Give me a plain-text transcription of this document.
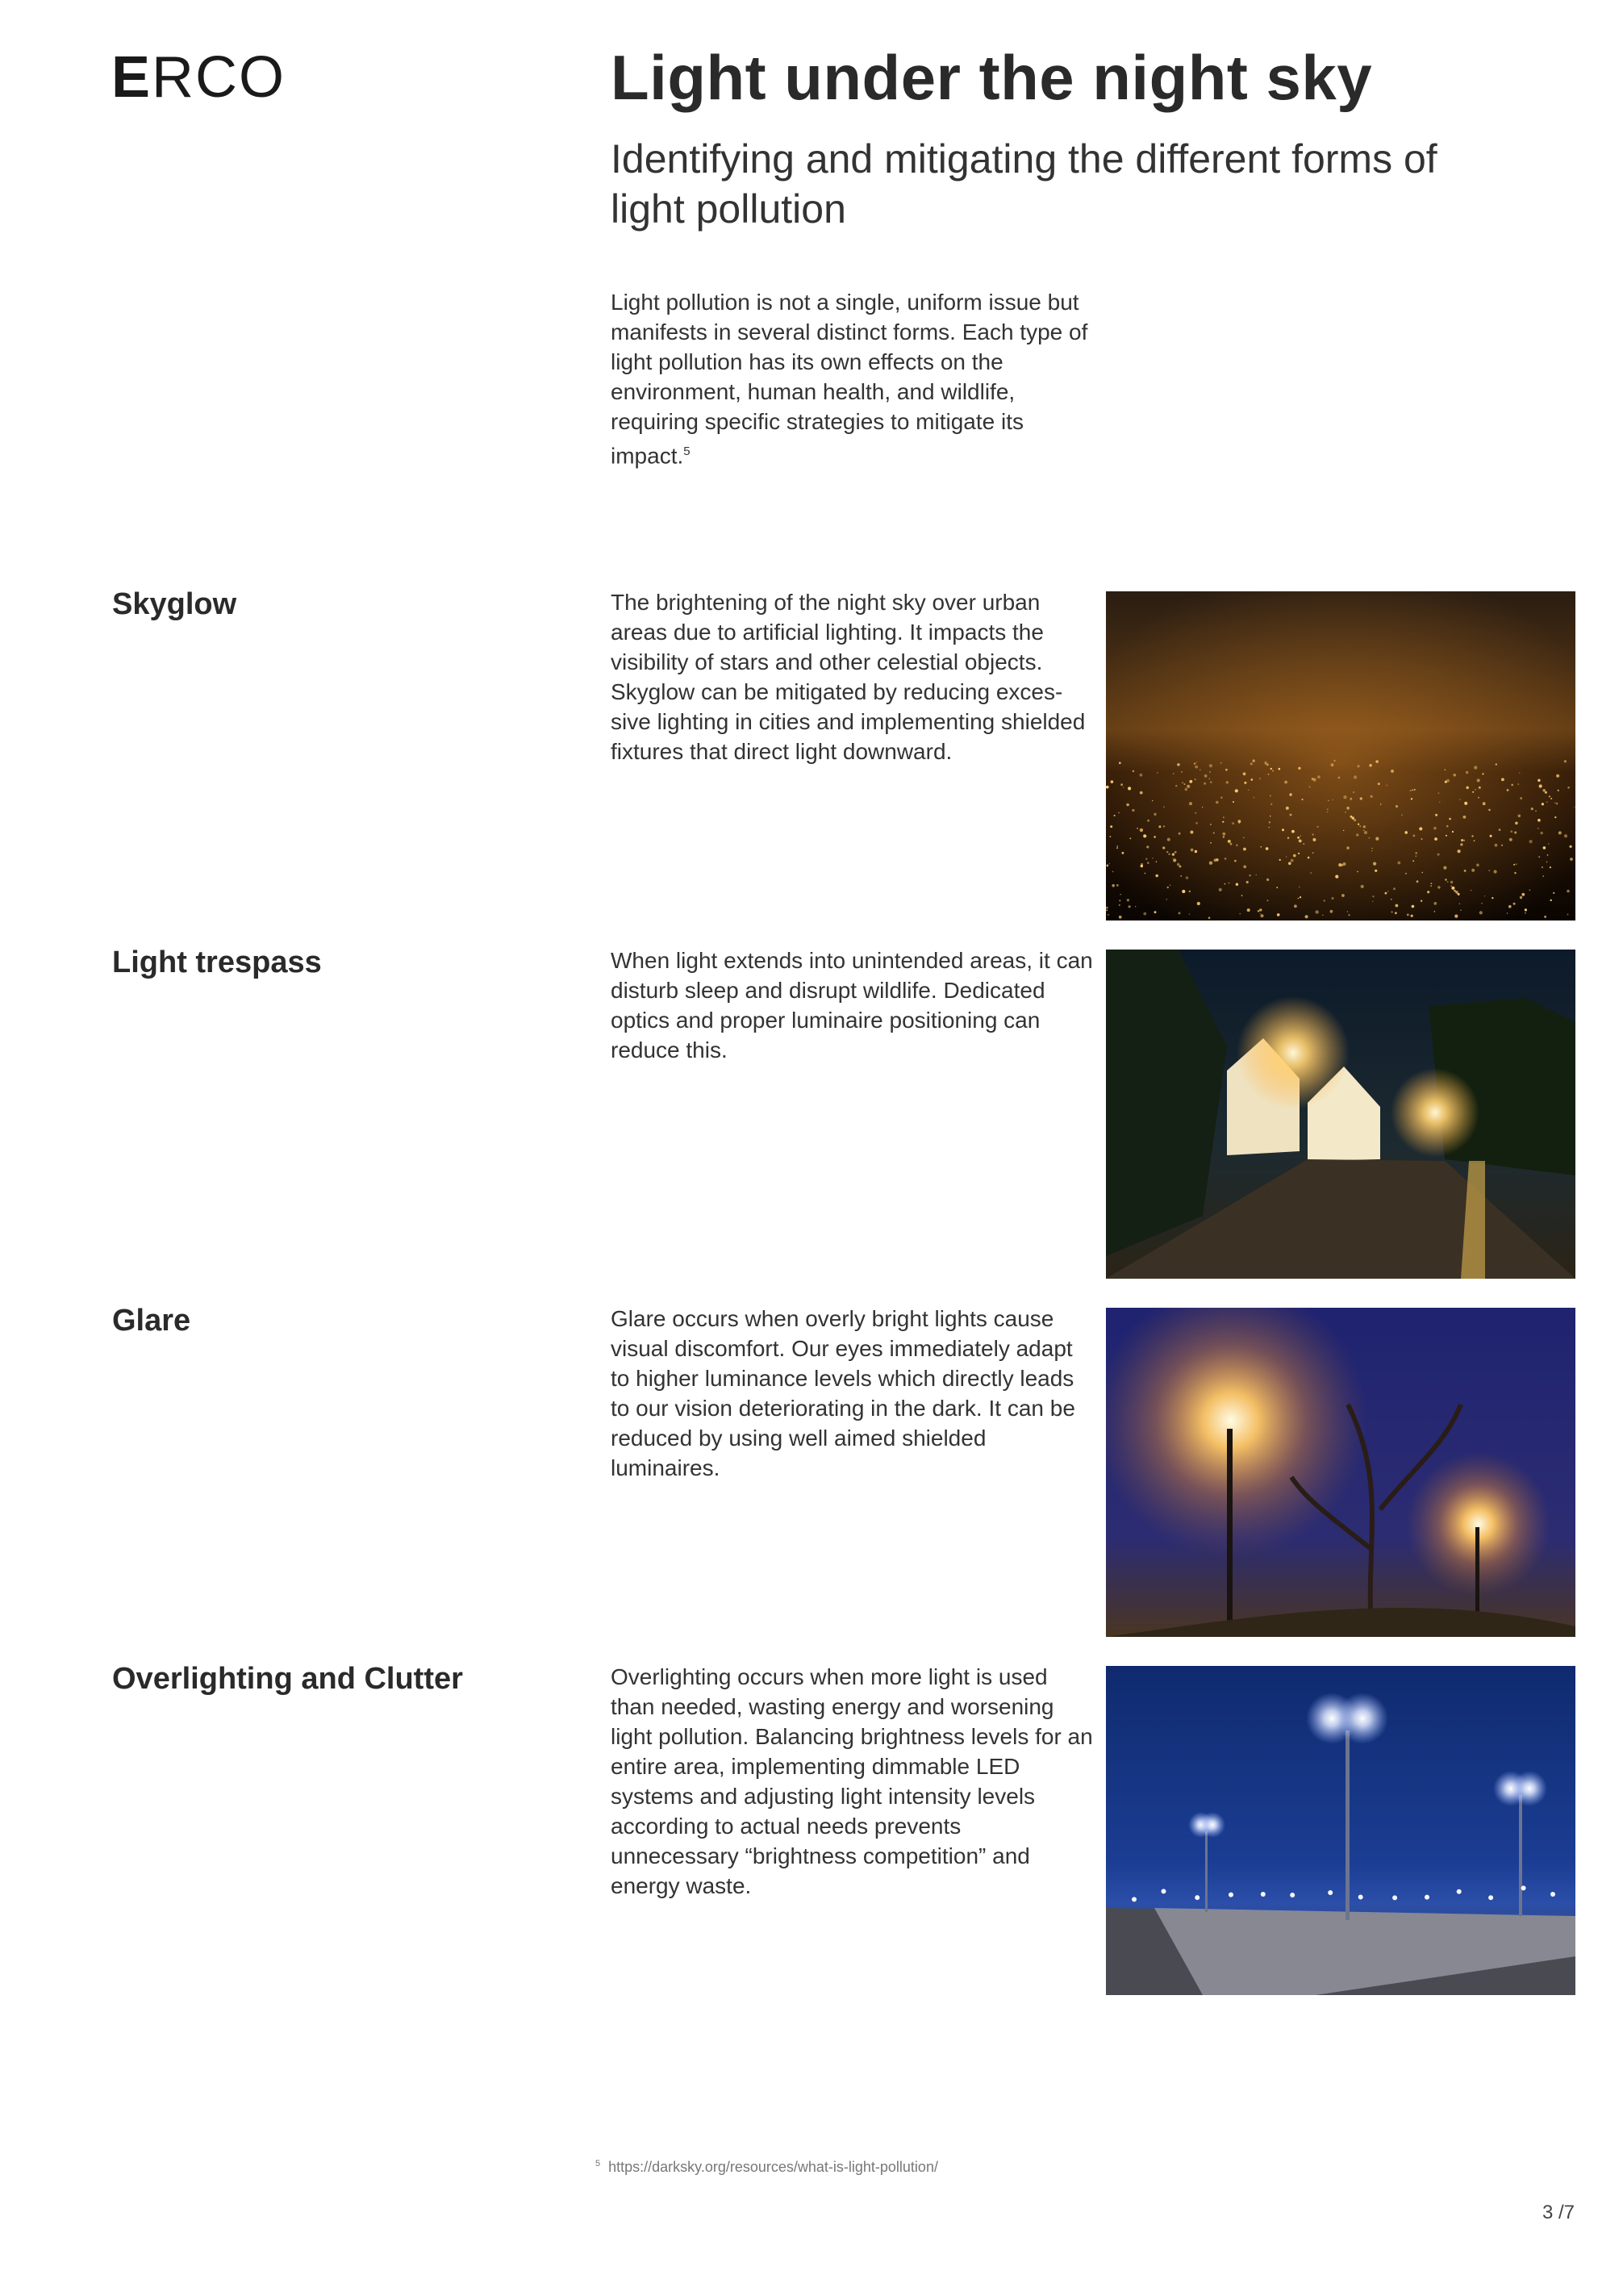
ERCO	Light under the night sky
Identifying and mitigating the different forms of light pollution

Light pollution is not a single, uniform issue but manifests in several distinct forms. Each type of light pollution has its own effects on the environment, human health, and wildlife, requiring specific strategies to mitigate its impact.$^5$

Skyglow	The brightening of the night sky over urban areas due to artificial lighting. It impacts the visibility of stars and other celestial objects. Skyglow can be mitigated by reducing exces-sive lighting in cities and implementing shielded fixtures that direct light downward.

Light trespass	When light extends into unintended areas, it can disturb sleep and disrupt wildlife. Dedicated optics and proper luminaire positioning can reduce this.

Glare	Glare occurs when overly bright lights cause visual discomfort. Our eyes immediately adapt to higher luminance levels which directly leads to our vision deteriorating in the dark. It can be reduced by using well aimed shielded luminaires.

Overlighting and Clutter	Overlighting occurs when more light is used than needed, wasting energy and worsening light pollution. Balancing brightness levels for an entire area, implementing dimmable LED systems and adjusting light intensity levels according to actual needs prevents unnecessary “brightness competition” and energy waste.

$^5$ https://darksky.org/resources/what-is-light-pollution/
3 /7
